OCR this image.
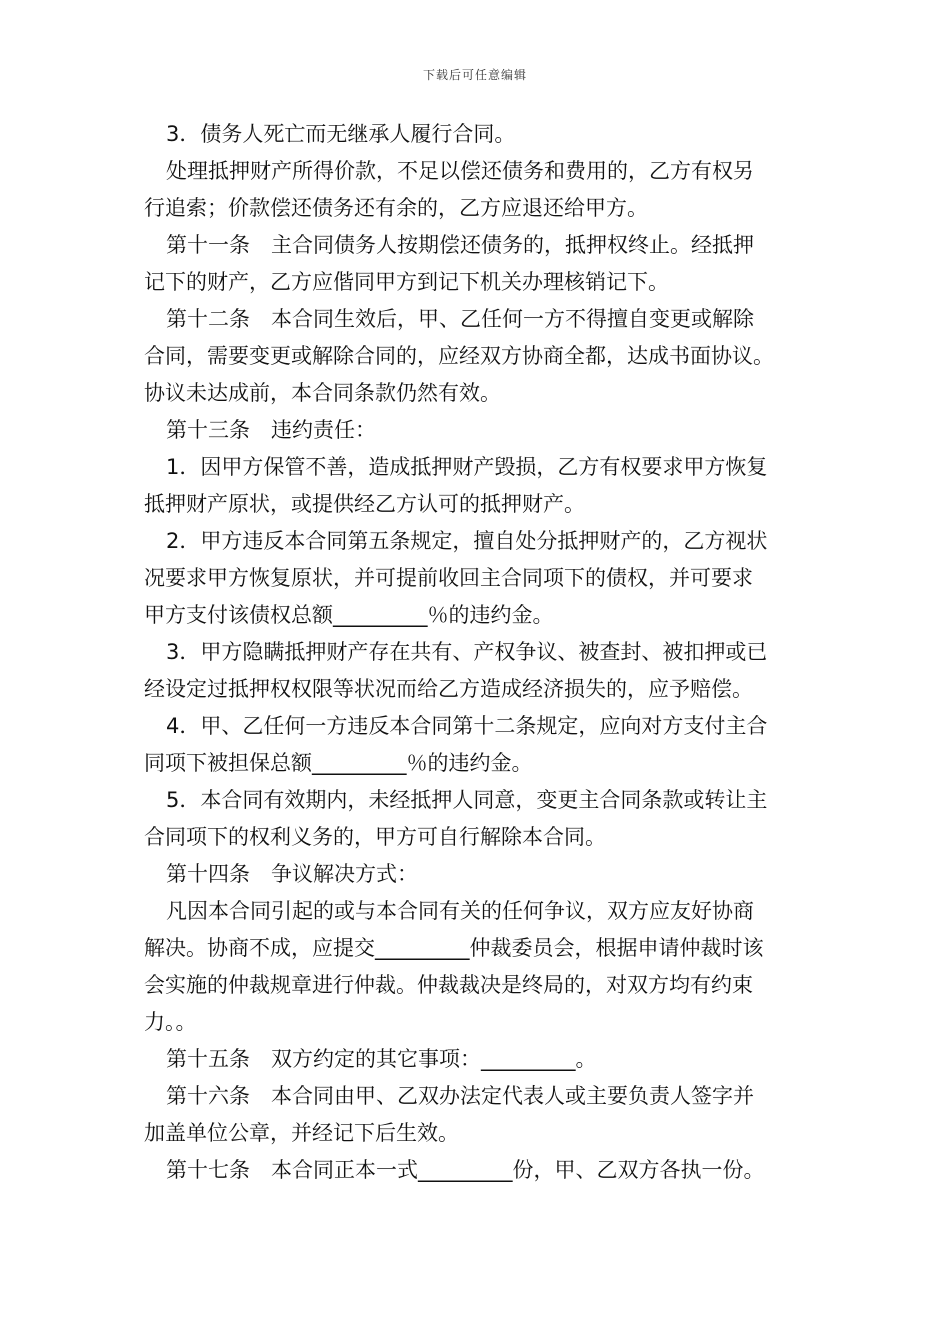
下载后可任意编辑
3．债务人死亡而无继承人履行合同。
处理抵押财产所得价款，不足以偿还债务和费用的，乙方有权另
行追索；价款偿还债务还有余的，乙方应退还给甲方。
第十一条　主合同债务人按期偿还债务的，抵押权终止。经抵押
记下的财产，乙方应偕同甲方到记下机关办理核销记下。
第十二条　本合同生效后，甲、乙任何一方不得擅自变更或解除
合同，需要变更或解除合同的，应经双方协商全都，达成书面协议。
协议未达成前，本合同条款仍然有效。
第十三条　违约责任：
1．因甲方保管不善，造成抵押财产毁损，乙方有权要求甲方恢复
抵押财产原状，或提供经乙方认可的抵押财产。
2．甲方违反本合同第五条规定，擅自处分抵押财产的，乙方视状
况要求甲方恢复原状，并可提前收回主合同项下的债权，并可要求
甲方支付该债权总额_________％的违约金。
3．甲方隐瞒抵押财产存在共有、产权争议、被查封、被扣押或已
经设定过抵押权权限等状况而给乙方造成经济损失的，应予赔偿。
4．甲、乙任何一方违反本合同第十二条规定，应向对方支付主合
同项下被担保总额_________％的违约金。
5．本合同有效期内，未经抵押人同意，变更主合同条款或转让主
合同项下的权利义务的，甲方可自行解除本合同。
第十四条　争议解决方式：
凡因本合同引起的或与本合同有关的任何争议，双方应友好协商
解决。协商不成，应提交_________仲裁委员会，根据申请仲裁时该
会实施的仲裁规章进行仲裁。仲裁裁决是终局的，对双方均有约束
力。。
第十五条　双方约定的其它事项：_________。
第十六条　本合同由甲、乙双办法定代表人或主要负责人签字并
加盖单位公章，并经记下后生效。
第十七条　本合同正本一式_________份，甲、乙双方各执一份。
